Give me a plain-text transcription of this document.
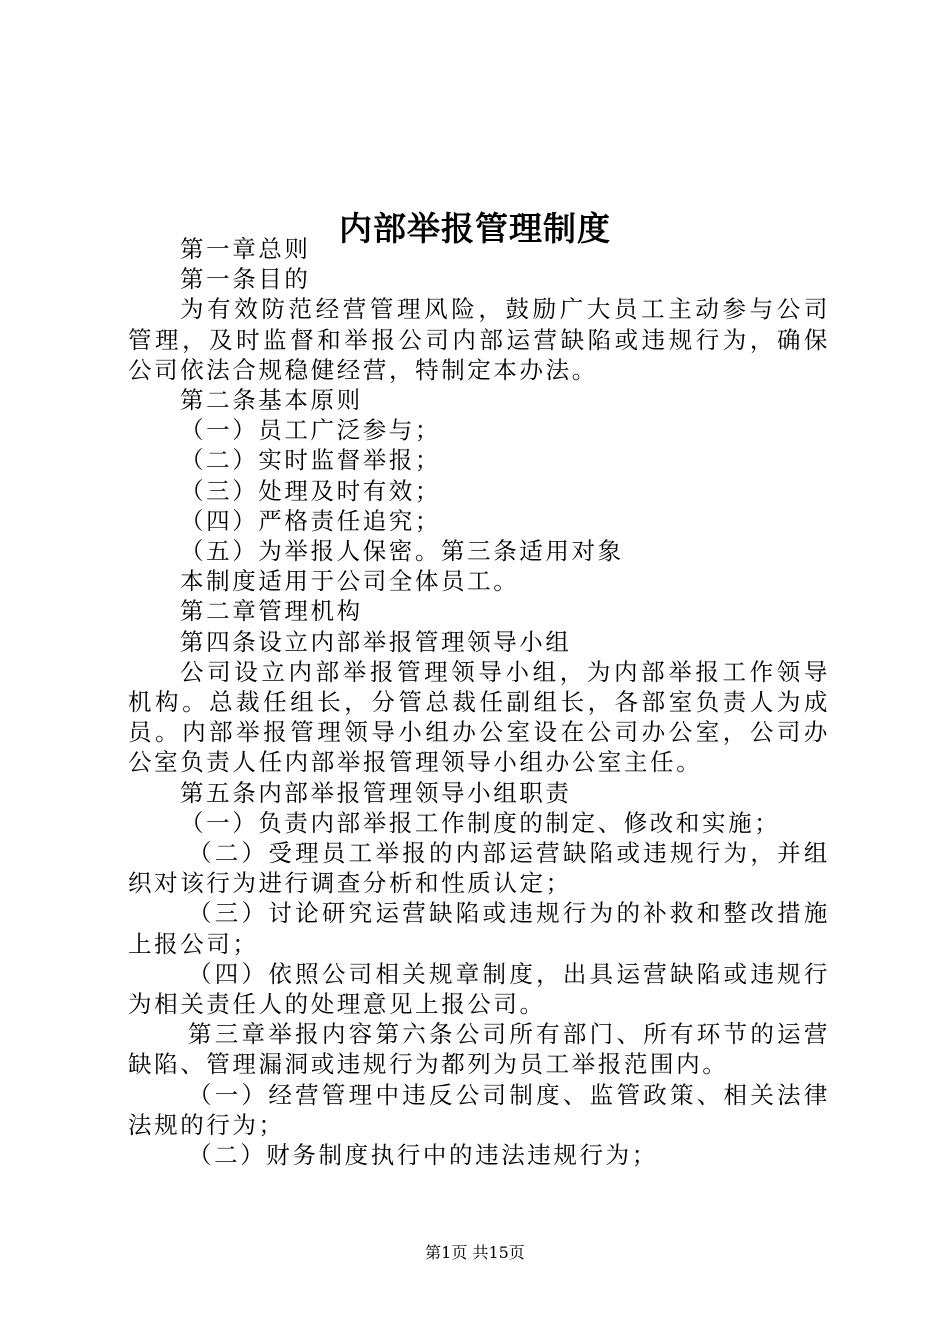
内部举报管理制度

第一章总则

第一条目的

为有效防范经营管理风险，鼓励广大员工主动参与公司管理，及时监督和举报公司内部运营缺陷或违规行为，确保公司依法合规稳健经营，特制定本办法。

第二条基本原则

（一）员工广泛参与；

（二）实时监督举报；

（三）处理及时有效；

（四）严格责任追究；

（五）为举报人保密。第三条适用对象

本制度适用于公司全体员工。

第二章管理机构

第四条设立内部举报管理领导小组

公司设立内部举报管理领导小组，为内部举报工作领导机构。总裁任组长，分管总裁任副组长，各部室负责人为成员。内部举报管理领导小组办公室设在公司办公室，公司办公室负责人任内部举报管理领导小组办公室主任。

第五条内部举报管理领导小组职责

（一）负责内部举报工作制度的制定、修改和实施；

（二）受理员工举报的内部运营缺陷或违规行为，并组织对该行为进行调查分析和性质认定；

（三）讨论研究运营缺陷或违规行为的补救和整改措施上报公司；

（四）依照公司相关规章制度，出具运营缺陷或违规行为相关责任人的处理意见上报公司。

第三章举报内容第六条公司所有部门、所有环节的运营缺陷、管理漏洞或违规行为都列为员工举报范围内。

（一）经营管理中违反公司制度、监管政策、相关法律法规的行为；

（二）财务制度执行中的违法违规行为；

第1页 共15页
